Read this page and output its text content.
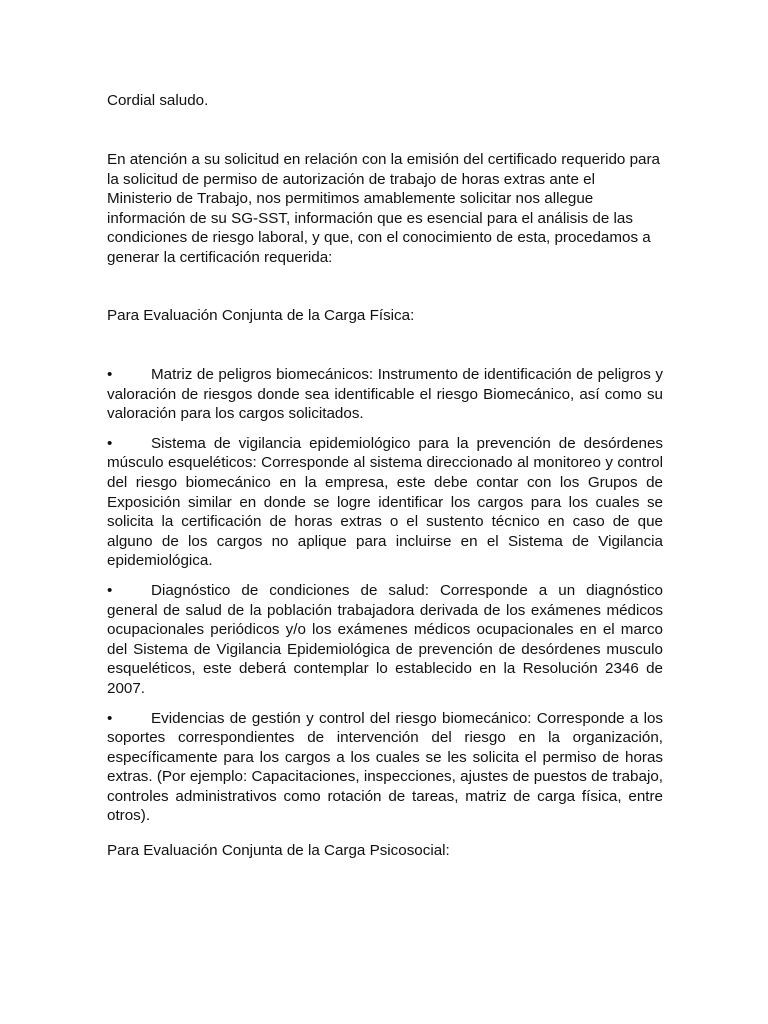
Cordial saludo.

En atención a su solicitud en relación con la emisión del certificado requerido para la solicitud de permiso de autorización de trabajo de horas extras ante el Ministerio de Trabajo, nos permitimos amablemente solicitar nos allegue información de su SG-SST, información que es esencial para el análisis de las condiciones de riesgo laboral, y que, con el conocimiento de esta, procedamos a generar la certificación requerida:

Para Evaluación Conjunta de la Carga Física:

•	Matriz de peligros biomecánicos: Instrumento de identificación de peligros y valoración de riesgos donde sea identificable el riesgo Biomecánico, así como su valoración para los cargos solicitados.
•	Sistema de vigilancia epidemiológico para la prevención de desórdenes músculo esqueléticos: Corresponde al sistema direccionado al monitoreo y control del riesgo biomecánico en la empresa, este debe contar con los Grupos de Exposición similar en donde se logre identificar los cargos para los cuales se solicita la certificación de horas extras o el sustento técnico en caso de que alguno de los cargos no aplique para incluirse en el Sistema de Vigilancia epidemiológica.
•	Diagnóstico de condiciones de salud: Corresponde a un diagnóstico general de salud de la población trabajadora derivada de los exámenes médicos ocupacionales periódicos y/o los exámenes médicos ocupacionales en el marco del Sistema de Vigilancia Epidemiológica de prevención de desórdenes musculo esqueléticos, este deberá contemplar lo establecido en la Resolución 2346 de 2007.
•	Evidencias de gestión y control del riesgo biomecánico: Corresponde a los soportes correspondientes de intervención del riesgo en la organización, específicamente para los cargos a los cuales se les solicita el permiso de horas extras. (Por ejemplo: Capacitaciones, inspecciones, ajustes de puestos de trabajo, controles administrativos como rotación de tareas, matriz de carga física, entre otros).

Para Evaluación Conjunta de la Carga Psicosocial:
